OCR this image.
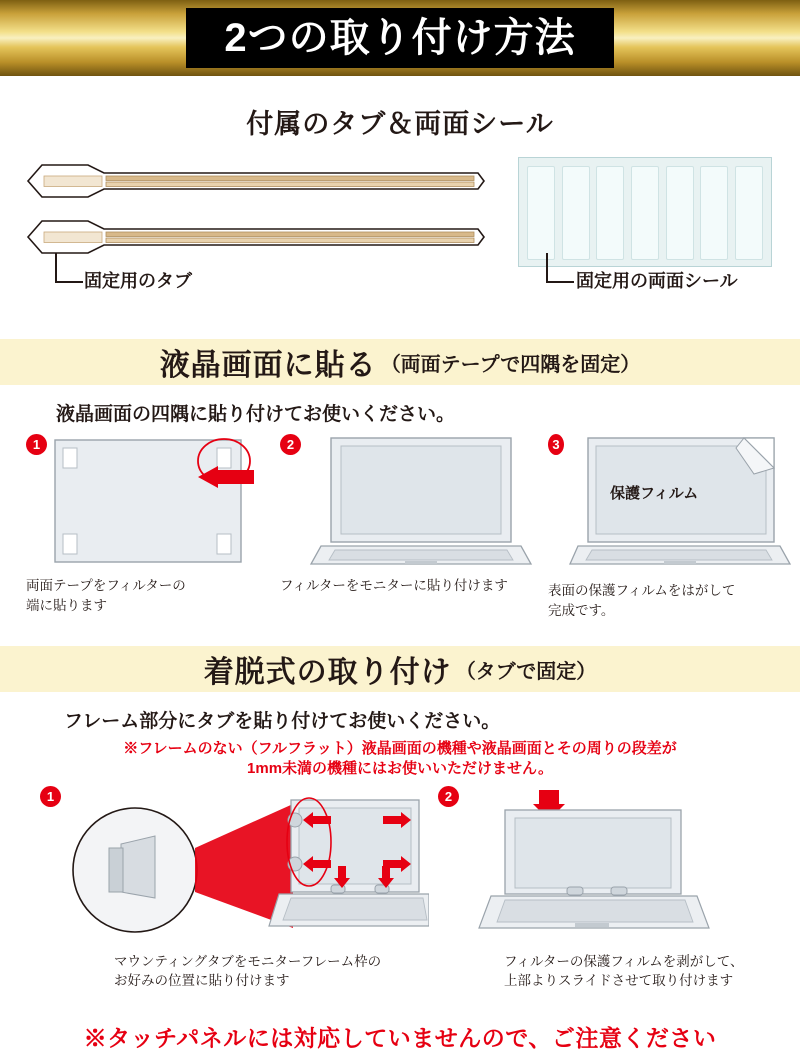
2つの取り付け方法
付属のタブ＆両面シール
固定用のタブ	固定用の両面シール
液晶画面に貼る （両面テープで四隅を固定）
液晶画面の四隅に貼り付けてお使いください。
1
両面テープをフィルターの
端に貼ります
2
フィルターをモニターに貼り付けます
3
保護フィルム
表面の保護フィルムをはがして
完成です。
着脱式の取り付け （タブで固定）
フレーム部分にタブを貼り付けてお使いください。
※フレームのない（フルフラット）液晶画面の機種や液晶画面とその周りの段差が
1mm未満の機種にはお使いいただけません。
1
マウンティングタブをモニターフレーム枠の
お好みの位置に貼り付けます
2
フィルターの保護フィルムを剥がして、
上部よりスライドさせて取り付けます
※タッチパネルには対応していませんので、ご注意ください
